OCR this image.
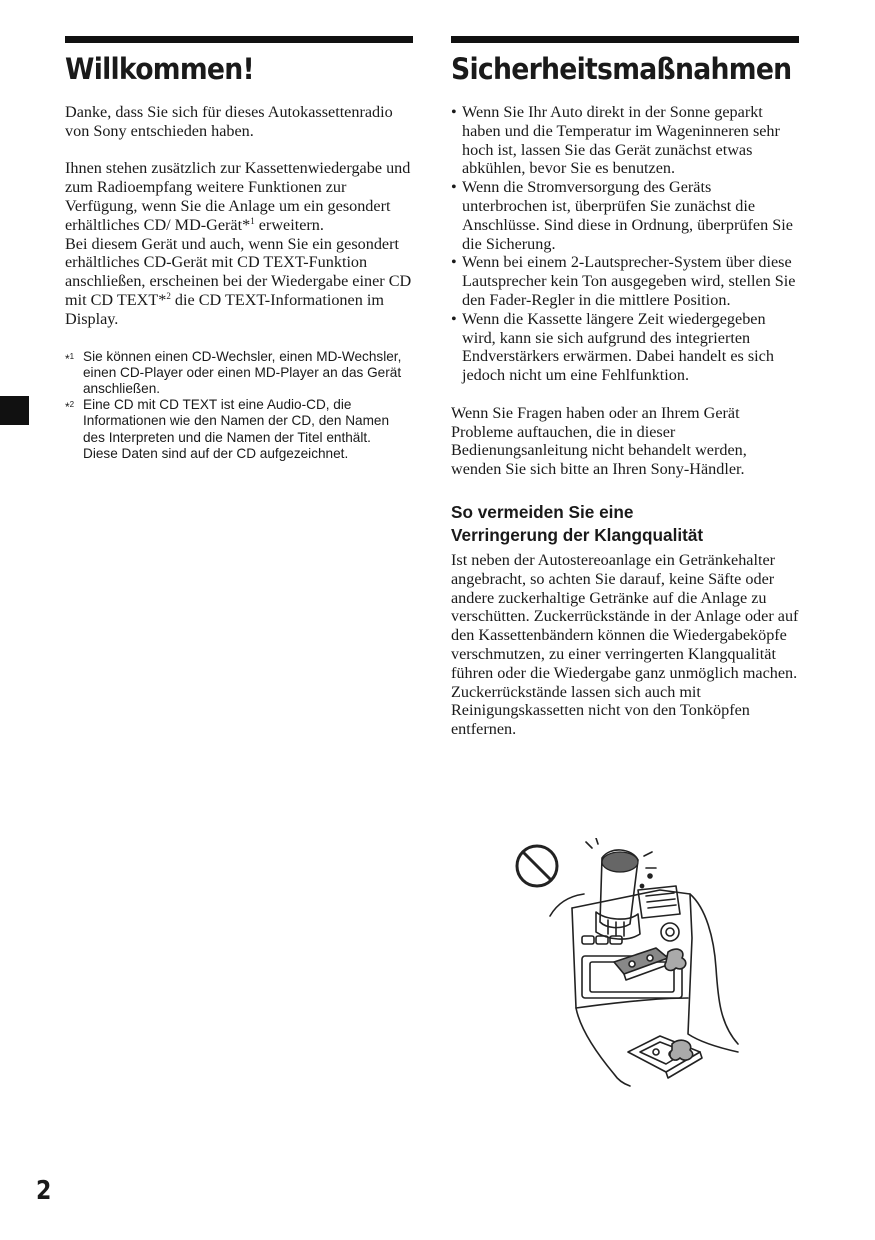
Willkommen!

Danke, dass Sie sich für dieses Autokassettenradio von Sony entschieden haben.

Ihnen stehen zusätzlich zur Kassettenwiedergabe und zum Radioempfang weitere Funktionen zur Verfügung, wenn Sie die Anlage um ein gesondert erhältliches CD/ MD-Gerät*$^1$ erweitern.

Bei diesem Gerät und auch, wenn Sie ein gesondert erhältliches CD-Gerät mit CD TEXT-Funktion anschließen, erscheinen bei der Wiedergabe einer CD mit CD TEXT*$^2$ die CD TEXT-Informationen im Display.

*$^1$ Sie können einen CD-Wechsler, einen MD-Wechsler, einen CD-Player oder einen MD-Player an das Gerät anschließen.
*$^2$ Eine CD mit CD TEXT ist eine Audio-CD, die Informationen wie den Namen der CD, den Namen des Interpreten und die Namen der Titel enthält.
Diese Daten sind auf der CD aufgezeichnet.
Sicherheitsmaßnahmen
• Wenn Sie Ihr Auto direkt in der Sonne geparkt haben und die Temperatur im Wageninneren sehr hoch ist, lassen Sie das Gerät zunächst etwas abkühlen, bevor Sie es benutzen.
• Wenn die Stromversorgung des Geräts unterbrochen ist, überprüfen Sie zunächst die Anschlüsse. Sind diese in Ordnung, überprüfen Sie die Sicherung.
• Wenn bei einem 2-Lautsprecher-System über diese Lautsprecher kein Ton ausgegeben wird, stellen Sie den Fader-Regler in die mittlere Position.
• Wenn die Kassette längere Zeit wiedergegeben wird, kann sie sich aufgrund des integrierten Endverstärkers erwärmen. Dabei handelt es sich jedoch nicht um eine Fehlfunktion.

Wenn Sie Fragen haben oder an Ihrem Gerät Probleme auftauchen, die in dieser Bedienungsanleitung nicht behandelt werden, wenden Sie sich bitte an Ihren Sony-Händler.

So vermeiden Sie eine
Verringerung der Klangqualität

Ist neben der Autostereoanlage ein Getränkehalter angebracht, so achten Sie darauf, keine Säfte oder andere zuckerhaltige Getränke auf die Anlage zu verschütten. Zuckerrückstände in der Anlage oder auf den Kassettenbändern können die Wiedergabeköpfe verschmutzen, zu einer verringerten Klangqualität führen oder die Wiedergabe ganz unmöglich machen. Zuckerrückstände lassen sich auch mit Reinigungskassetten nicht von den Tonköpfen entfernen.

2
